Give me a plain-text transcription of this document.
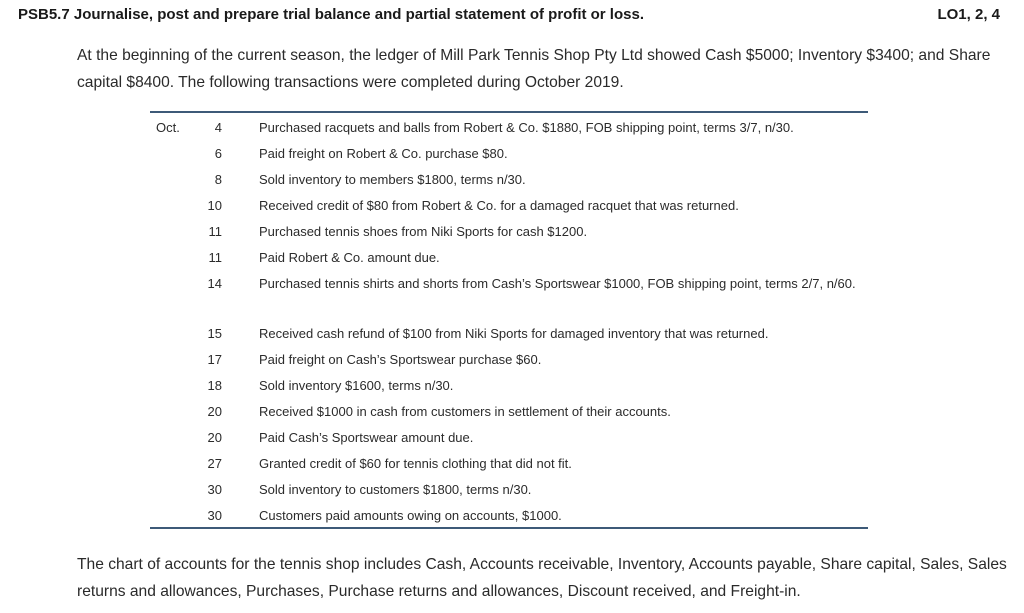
PSB5.7 Journalise, post and prepare trial balance and partial statement of profit or loss.	LO1, 2, 4
At the beginning of the current season, the ledger of Mill Park Tennis Shop Pty Ltd showed Cash $5000; Inventory $3400; and Share capital $8400. The following transactions were completed during October 2019.
Oct.	4	Purchased racquets and balls from Robert & Co. $1880, FOB shipping point, terms 3/7, n/30.
6	Paid freight on Robert & Co. purchase $80.
8	Sold inventory to members $1800, terms n/30.
10	Received credit of $80 from Robert & Co. for a damaged racquet that was returned.
11	Purchased tennis shoes from Niki Sports for cash $1200.
11	Paid Robert & Co. amount due.
14	Purchased tennis shirts and shorts from Cash’s Sportswear $1000, FOB shipping point, terms 2/7, n/60.
15	Received cash refund of $100 from Niki Sports for damaged inventory that was returned.
17	Paid freight on Cash’s Sportswear purchase $60.
18	Sold inventory $1600, terms n/30.
20	Received $1000 in cash from customers in settlement of their accounts.
20	Paid Cash’s Sportswear amount due.
27	Granted credit of $60 for tennis clothing that did not fit.
30	Sold inventory to customers $1800, terms n/30.
30	Customers paid amounts owing on accounts, $1000.
The chart of accounts for the tennis shop includes Cash, Accounts receivable, Inventory, Accounts payable, Share capital, Sales, Sales returns and allowances, Purchases, Purchase returns and allowances, Discount received, and Freight-in.
